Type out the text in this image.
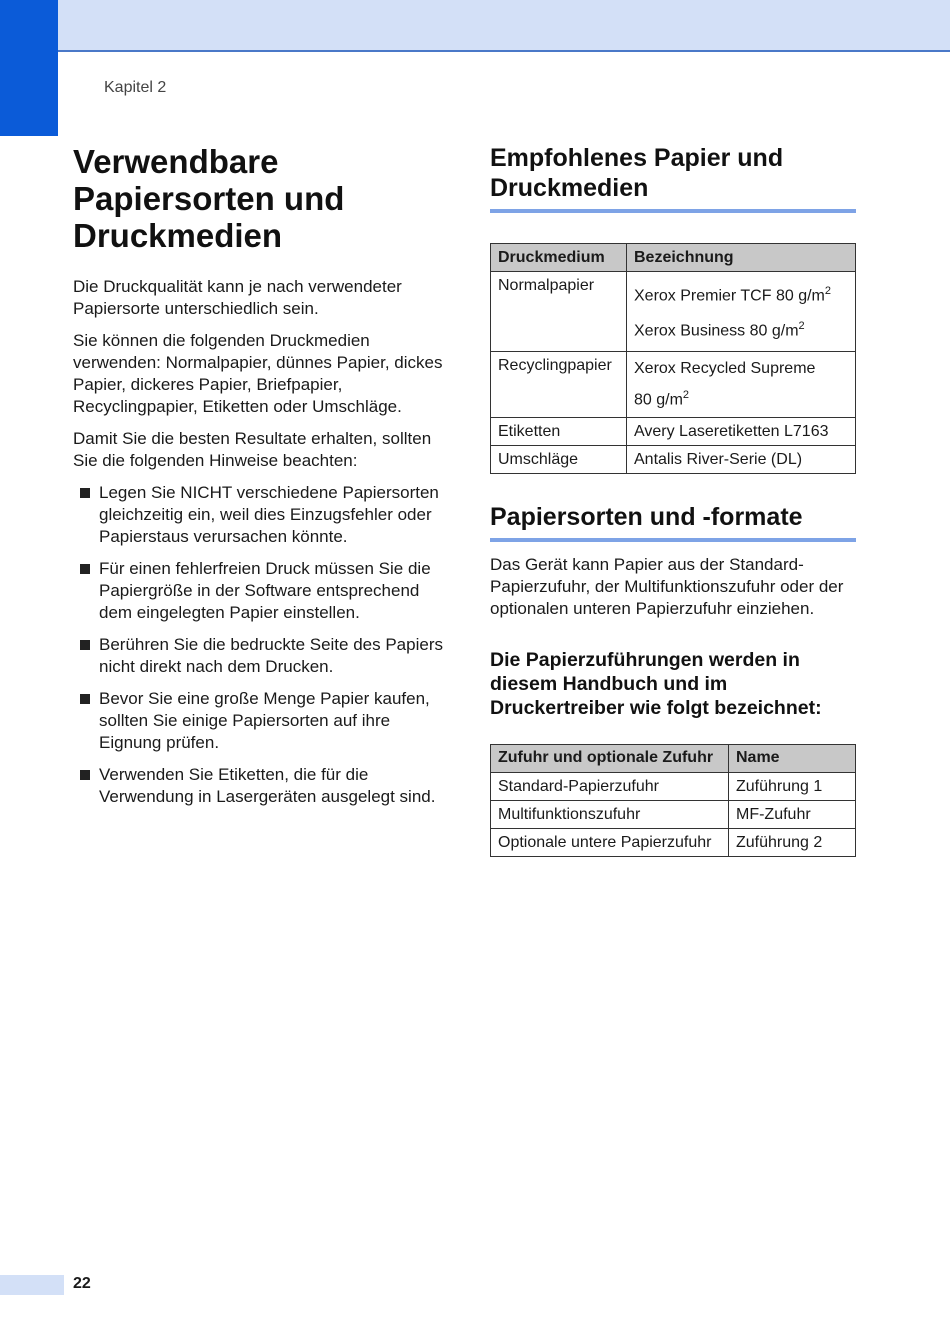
Kapitel 2
Verwendbare Papiersorten und Druckmedien

Die Druckqualität kann je nach verwendeter Papiersorte unterschiedlich sein.

Sie können die folgenden Druckmedien verwenden: Normalpapier, dünnes Papier, dickes Papier, dickeres Papier, Briefpapier, Recyclingpapier, Etiketten oder Umschläge.

Damit Sie die besten Resultate erhalten, sollten Sie die folgenden Hinweise beachten:

Legen Sie NICHT verschiedene Papiersorten gleichzeitig ein, weil dies Einzugsfehler oder Papierstaus verursachen könnte.
Für einen fehlerfreien Druck müssen Sie die Papiergröße in der Software entsprechend dem eingelegten Papier einstellen.
Berühren Sie die bedruckte Seite des Papiers nicht direkt nach dem Drucken.
Bevor Sie eine große Menge Papier kaufen, sollten Sie einige Papiersorten auf ihre Eignung prüfen.
Verwenden Sie Etiketten, die für die Verwendung in Lasergeräten ausgelegt sind.
Empfohlenes Papier und Druckmedien
Druckmedium	Bezeichnung
Normalpapier	Xerox Premier TCF 80 $g/m^2$
Xerox Business 80 $g/m^2$

Recyclingpapier	Xerox Recycled Supreme
80 $g/m^2$

Etiketten	Avery Laseretiketten L7163
Umschläge	Antalis River-Serie (DL)
Papiersorten und -formate

Das Gerät kann Papier aus der Standard-Papierzufuhr, der Multifunktionszufuhr oder der optionalen unteren Papierzufuhr einziehen.

Die Papierzuführungen werden in diesem Handbuch und im Druckertreiber wie folgt bezeichnet:
Zufuhr und optionale Zufuhr	Name
Standard-Papierzufuhr	Zuführung 1
Multifunktionszufuhr	MF-Zufuhr
Optionale untere Papierzufuhr	Zuführung 2
22
